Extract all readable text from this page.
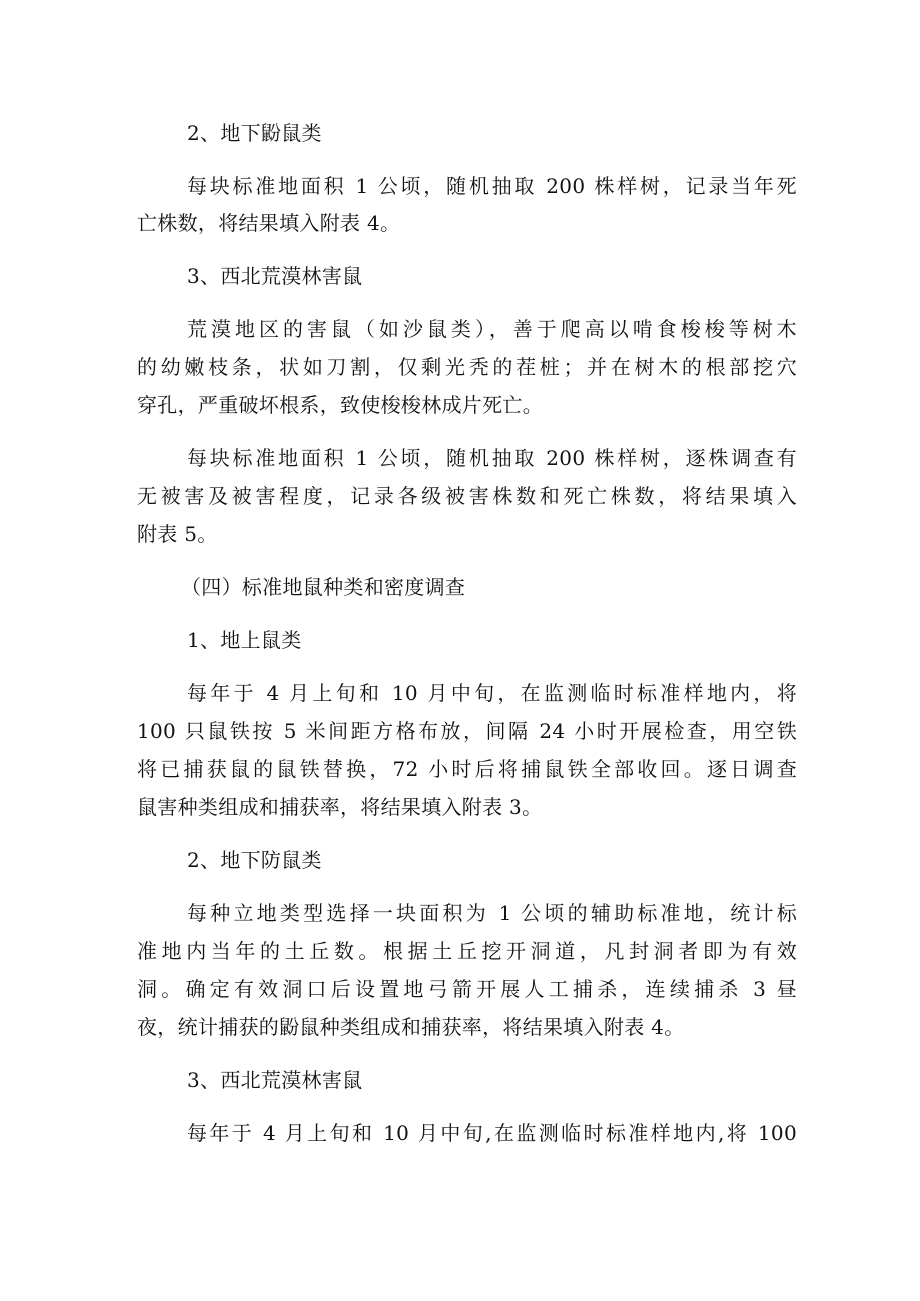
2、地下鼢鼠类
每块标准地面积 1 公顷，随机抽取 200 株样树，记录当年死
亡株数，将结果填入附表 4。
3、西北荒漠林害鼠
荒漠地区的害鼠（如沙鼠类），善于爬高以啃食梭梭等树木
的幼嫩枝条，状如刀割，仅剩光秃的茬桩；并在树木的根部挖穴
穿孔，严重破坏根系，致使梭梭林成片死亡。
每块标准地面积 1 公顷，随机抽取 200 株样树，逐株调查有
无被害及被害程度，记录各级被害株数和死亡株数，将结果填入
附表 5。
（四）标准地鼠种类和密度调查
1、地上鼠类
每年于 4 月上旬和 10 月中旬，在监测临时标准样地内，将
100 只鼠铁按 5 米间距方格布放，间隔 24 小时开展检查，用空铁
将已捕获鼠的鼠铁替换，72 小时后将捕鼠铁全部收回。逐日调查
鼠害种类组成和捕获率，将结果填入附表 3。
2、地下防鼠类
每种立地类型选择一块面积为 1 公顷的辅助标准地，统计标
准地内当年的土丘数。根据土丘挖开洞道，凡封洞者即为有效
洞。确定有效洞口后设置地弓箭开展人工捕杀，连续捕杀 3 昼
夜，统计捕获的鼢鼠种类组成和捕获率，将结果填入附表 4。
3、西北荒漠林害鼠
每年于 4 月上旬和 10 月中旬,在监测临时标准样地内,将 100
